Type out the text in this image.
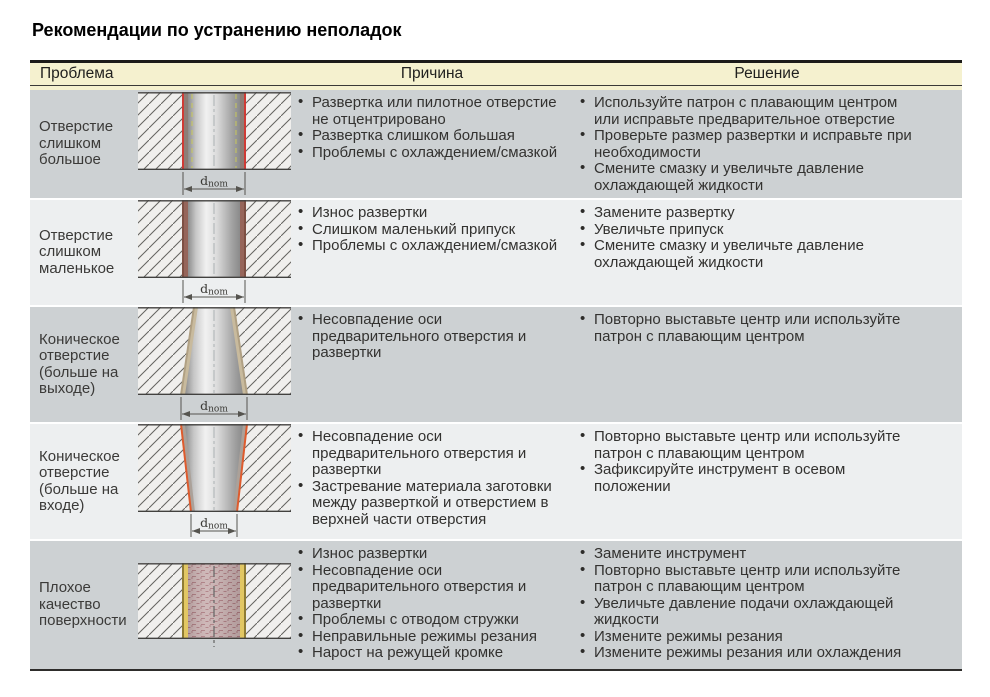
Рекомендации по устранению неполадок
Проблема	Причина	Решение
Отверстие слишком большое
dnom
• Развертка или пилотное отверстие не отцентрировано
• Развертка слишком большая
• Проблемы с охлаждением/смазкой
• Используйте патрон с плавающим центром или исправьте предварительное отверстие
• Проверьте размер развертки и исправьте при необходимости
• Смените смазку и увеличьте давление охлаждающей жидкости
Отверстие слишком маленькое
dnom
• Износ развертки
• Слишком маленький припуск
• Проблемы с охлаждением/смазкой
• Замените развертку
• Увеличьте припуск
• Смените смазку и увеличьте давление охлаждающей жидкости
Коническое отверстие (больше на выходе)
dnom
• Несовпадение оси предварительного отверстия и развертки
• Повторно выставьте центр или используйте патрон с плавающим центром
Коническое отверстие (больше на входе)
dnom
• Несовпадение оси предварительного отверстия и развертки
• Застревание материала заготовки между разверткой и отверстием в верхней части отверстия
• Повторно выставьте центр или используйте патрон с плавающим центром
• Зафиксируйте инструмент в осевом положении
Плохое качество поверхности
• Износ развертки
• Несовпадение оси предварительного отверстия и развертки
• Проблемы с отводом стружки
• Неправильные режимы резания
• Нарост на режущей кромке
• Замените инструмент
• Повторно выставьте центр или используйте патрон с плавающим центром
• Увеличьте давление подачи охлаждающей жидкости
• Измените режимы резания
• Измените режимы резания или охлаждения
